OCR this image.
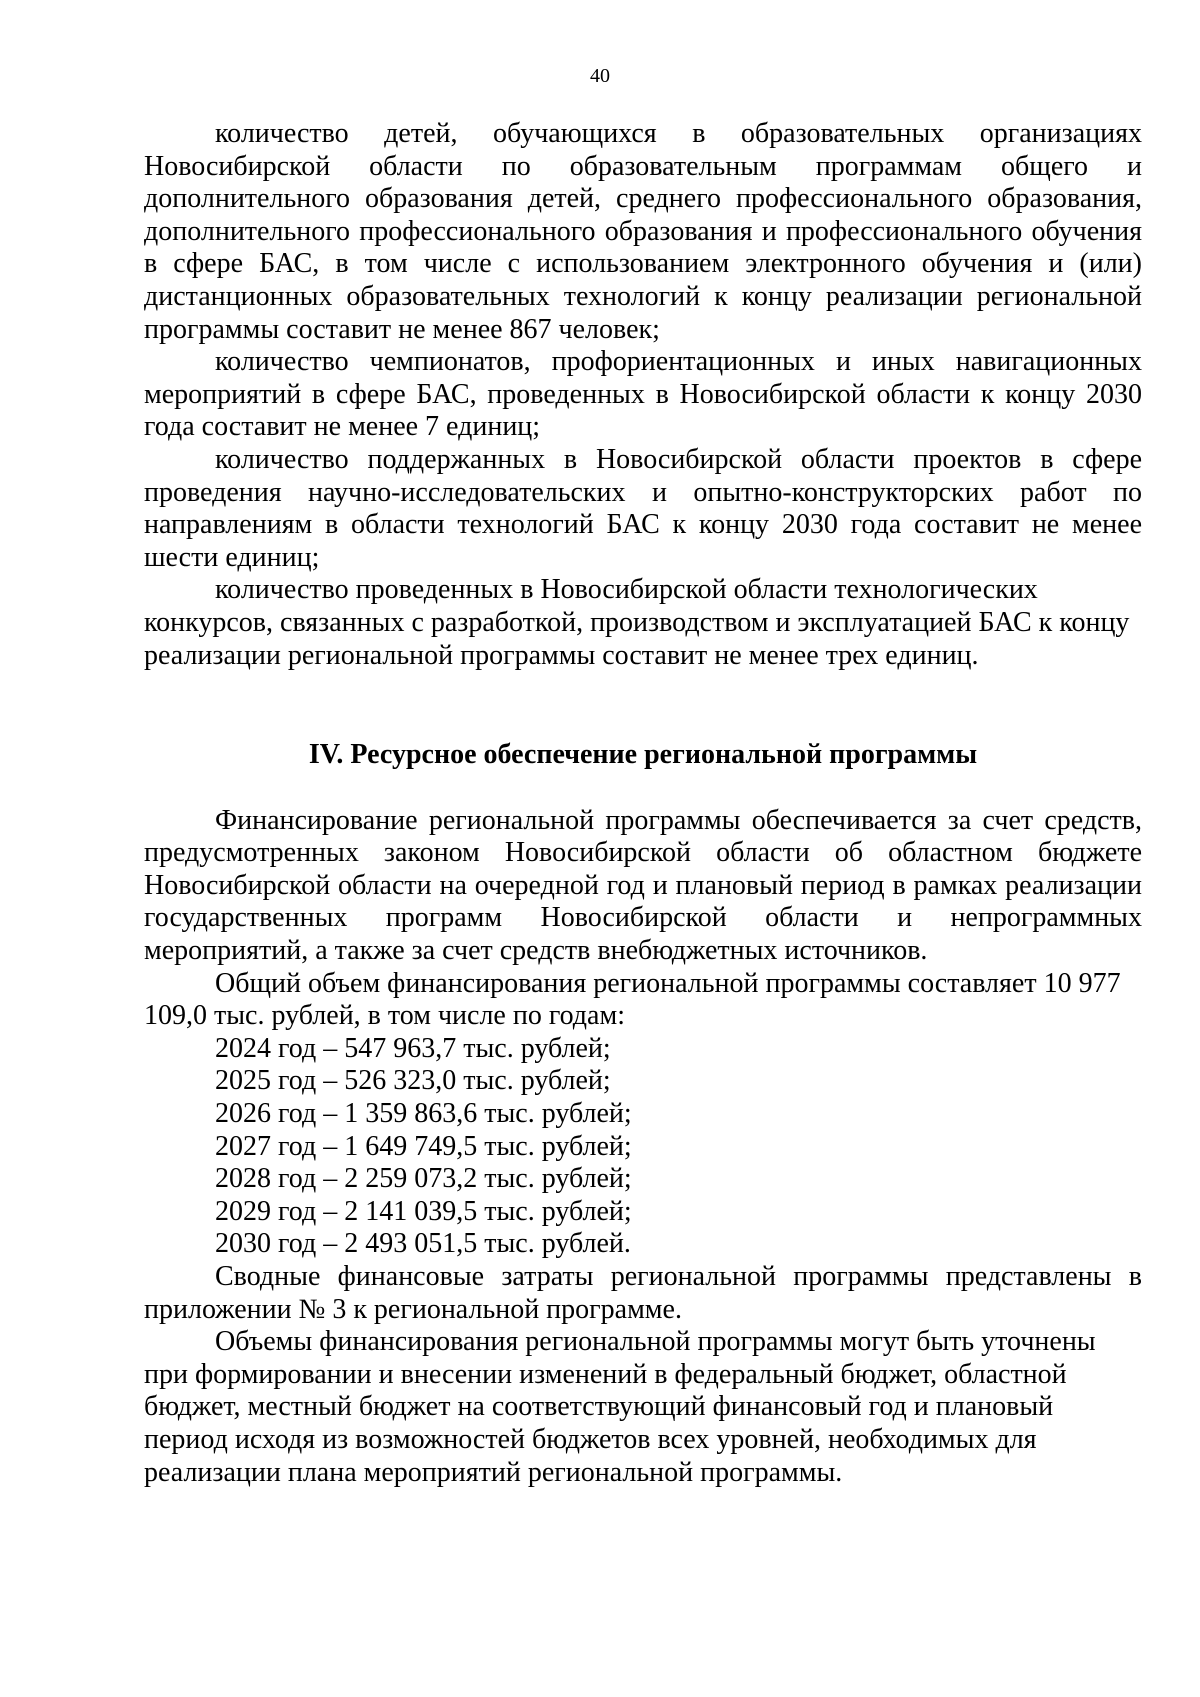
40

количество детей, обучающихся в образовательных организациях Новосибирской области по образовательным программам общего и дополнительного образования детей, среднего профессионального образования, дополнительного профессионального образования и профессионального обучения в сфере БАС, в том числе с использованием электронного обучения и (или) дистанционных образовательных технологий к концу реализации региональной программы составит не менее 867 человек;

количество чемпионатов, профориентационных и иных навигационных мероприятий в сфере БАС, проведенных в Новосибирской области к концу 2030 года составит не менее 7 единиц;

количество поддержанных в Новосибирской области проектов в сфере проведения научно-исследовательских и опытно-конструкторских работ по направлениям в области технологий БАС к концу 2030 года составит не менее шести единиц;

количество проведенных в Новосибирской области технологических конкурсов, связанных с разработкой, производством и эксплуатацией БАС к концу реализации региональной программы составит не менее трех единиц.

IV. Ресурсное обеспечение региональной программы

Финансирование региональной программы обеспечивается за счет средств, предусмотренных законом Новосибирской области об областном бюджете Новосибирской области на очередной год и плановый период в рамках реализации государственных программ Новосибирской области и непрограммных мероприятий, а также за счет средств внебюджетных источников.

Общий объем финансирования региональной программы составляет 10 977 109,0 тыс. рублей, в том числе по годам:

2024 год – 547 963,7 тыс. рублей;
2025 год – 526 323,0 тыс. рублей;
2026 год – 1 359 863,6 тыс. рублей;
2027 год – 1 649 749,5 тыс. рублей;
2028 год – 2 259 073,2 тыс. рублей;
2029 год – 2 141 039,5 тыс. рублей;
2030 год – 2 493 051,5 тыс. рублей.

Сводные финансовые затраты региональной программы представлены в приложении № 3 к региональной программе.

Объемы финансирования региональной программы могут быть уточнены при формировании и внесении изменений в федеральный бюджет, областной бюджет, местный бюджет на соответствующий финансовый год и плановый период исходя из возможностей бюджетов всех уровней, необходимых для реализации плана мероприятий региональной программы.
